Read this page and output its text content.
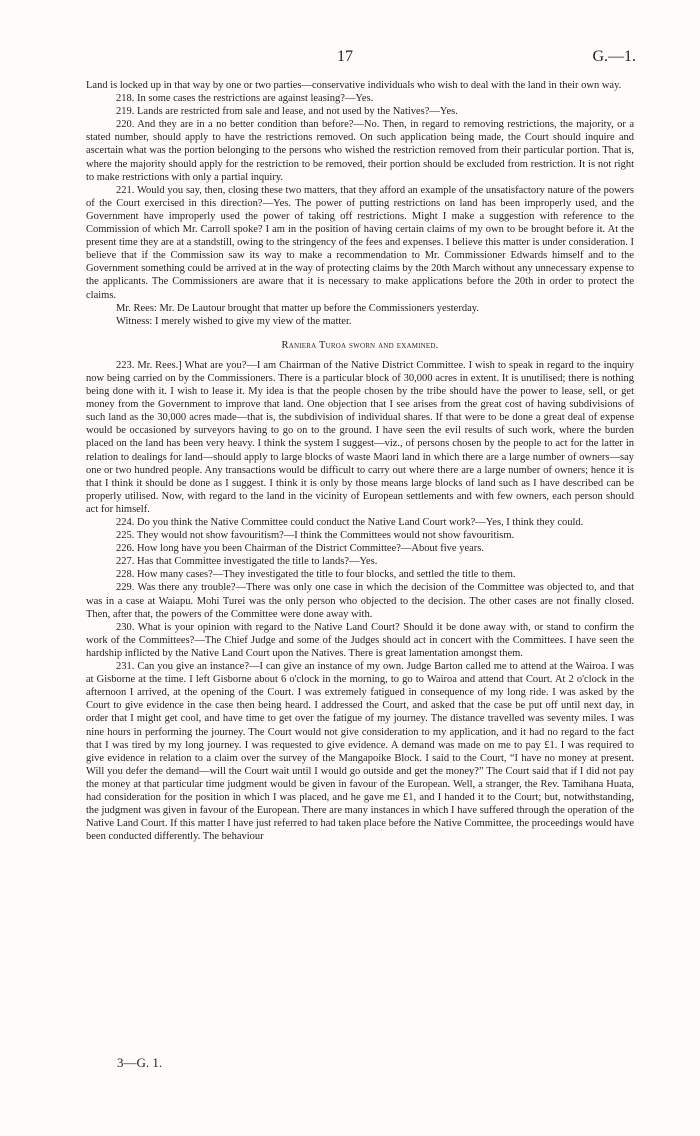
17	G.—1.

Land is locked up in that way by one or two parties—conservative individuals who wish to deal with the land in their own way.

218. In some cases the restrictions are against leasing?—Yes.

219. Lands are restricted from sale and lease, and not used by the Natives?—Yes.

220. And they are in a no better condition than before?—No. Then, in regard to removing restrictions, the majority, or a stated number, should apply to have the restrictions removed. On such application being made, the Court should inquire and ascertain what was the portion belonging to the persons who wished the restriction removed from their particular portion. That is, where the majority should apply for the restriction to be removed, their portion should be excluded from restriction. It is not right to make restrictions with only a partial inquiry.

221. Would you say, then, closing these two matters, that they afford an example of the unsatisfactory nature of the powers of the Court exercised in this direction?—Yes. The power of putting restrictions on land has been improperly used, and the Government have improperly used the power of taking off restrictions. Might I make a suggestion with reference to the Commission of which Mr. Carroll spoke? I am in the position of having certain claims of my own to be brought before it. At the present time they are at a standstill, owing to the stringency of the fees and expenses. I believe this matter is under consideration. I believe that if the Commission saw its way to make a recommendation to Mr. Commissioner Edwards himself and to the Government something could be arrived at in the way of protecting claims by the 20th March without any unnecessary expense to the applicants. The Commissioners are aware that it is necessary to make applications before the 20th in order to protect the claims.

Mr. Rees: Mr. De Lautour brought that matter up before the Commissioners yesterday.

Witness: I merely wished to give my view of the matter.

Raniera Turoa sworn and examined.

223. Mr. Rees.] What are you?—I am Chairman of the Native District Committee. I wish to speak in regard to the inquiry now being carried on by the Commissioners. There is a particular block of 30,000 acres in extent. It is unutilised; there is nothing being done with it. I wish to lease it. My idea is that the people chosen by the tribe should have the power to lease, sell, or get money from the Government to improve that land. One objection that I see arises from the great cost of having subdivisions of such land as the 30,000 acres made—that is, the subdivision of individual shares. If that were to be done a great deal of expense would be occasioned by surveyors having to go on to the ground. I have seen the evil results of such work, where the burden placed on the land has been very heavy. I think the system I suggest—viz., of persons chosen by the people to act for the latter in relation to dealings for land—should apply to large blocks of waste Maori land in which there are a large number of owners—say one or two hundred people. Any transactions would be difficult to carry out where there are a large number of owners; hence it is that I think it should be done as I suggest. I think it is only by those means large blocks of land such as I have described can be properly utilised. Now, with regard to the land in the vicinity of European settlements and with few owners, each person should act for himself.

224. Do you think the Native Committee could conduct the Native Land Court work?—Yes, I think they could.

225. They would not show favouritism?—I think the Committees would not show favouritism.

226. How long have you been Chairman of the District Committee?—About five years.

227. Has that Committee investigated the title to lands?—Yes.

228. How many cases?—They investigated the title to four blocks, and settled the title to them.

229. Was there any trouble?—There was only one case in which the decision of the Committee was objected to, and that was in a case at Waiapu. Mohi Turei was the only person who objected to the decision. The other cases are not finally closed. Then, after that, the powers of the Committee were done away with.

230. What is your opinion with regard to the Native Land Court? Should it be done away with, or stand to confirm the work of the Committees?—The Chief Judge and some of the Judges should act in concert with the Committees. I have seen the hardship inflicted by the Native Land Court upon the Natives. There is great lamentation amongst them.

231. Can you give an instance?—I can give an instance of my own. Judge Barton called me to attend at the Wairoa. I was at Gisborne at the time. I left Gisborne about 6 o'clock in the morning, to go to Wairoa and attend that Court. At 2 o'clock in the afternoon I arrived, at the opening of the Court. I was extremely fatigued in consequence of my long ride. I was asked by the Court to give evidence in the case then being heard. I addressed the Court, and asked that the case be put off until next day, in order that I might get cool, and have time to get over the fatigue of my journey. The distance travelled was seventy miles. I was nine hours in performing the journey. The Court would not give consideration to my application, and it had no regard to the fact that I was tired by my long journey. I was requested to give evidence. A demand was made on me to pay £1. I was required to give evidence in relation to a claim over the survey of the Mangapoike Block. I said to the Court, “I have no money at present. Will you defer the demand—will the Court wait until I would go outside and get the money?” The Court said that if I did not pay the money at that particular time judgment would be given in favour of the European. Well, a stranger, the Rev. Tamihana Huata, had consideration for the position in which I was placed, and he gave me £1, and I handed it to the Court; but, notwithstanding, the judgment was given in favour of the European. There are many instances in which I have suffered through the operation of the Native Land Court. If this matter I have just referred to had taken place before the Native Committee, the proceedings would have been conducted differently. The behaviour

3—G. 1.
